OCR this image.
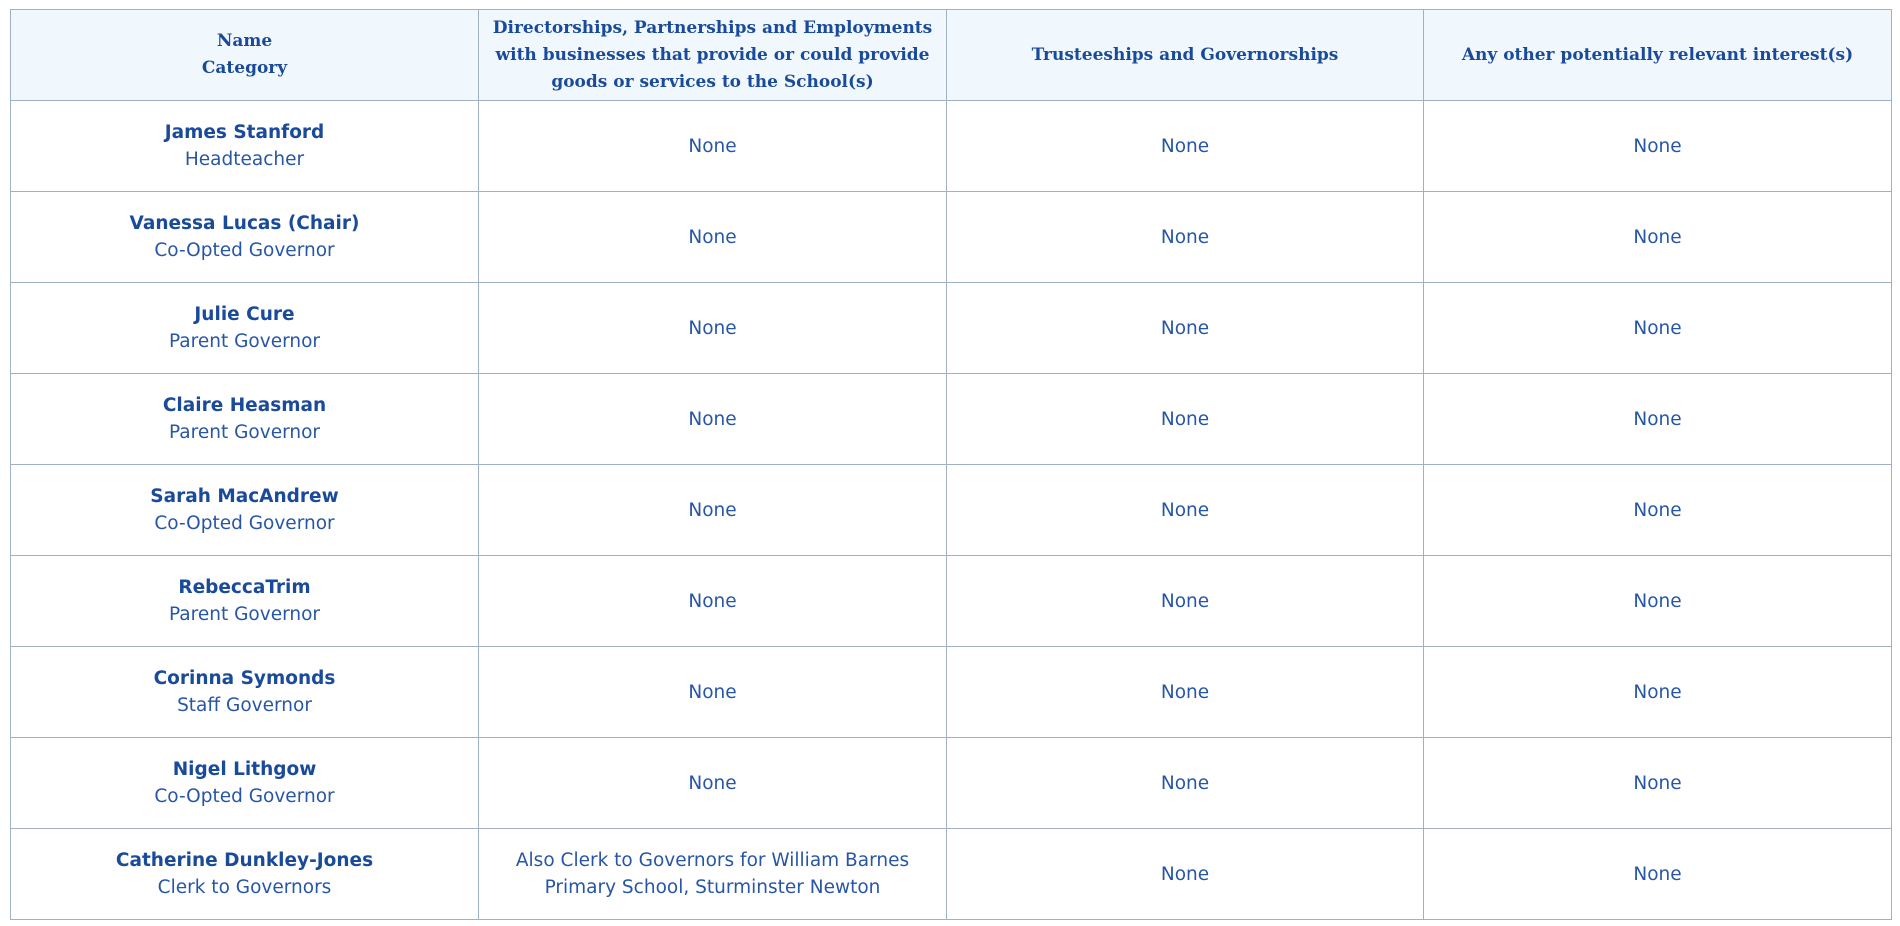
Name
Category	Directorships, Partnerships and Employments with businesses that provide or could provide goods or services to the School(s)	Trusteeships and Governorships	Any other potentially relevant interest(s)

James Stanford
Headteacher	None	None	None

Vanessa Lucas (Chair)
Co-Opted Governor	None	None	None

Julie Cure
Parent Governor	None	None	None

Claire Heasman
Parent Governor	None	None	None

Sarah MacAndrew
Co-Opted Governor	None	None	None

RebeccaTrim
Parent Governor	None	None	None

Corinna Symonds
Staff Governor	None	None	None

Nigel Lithgow
Co-Opted Governor	None	None	None

Catherine Dunkley-Jones
Clerk to Governors	Also Clerk to Governors for William Barnes Primary School, Sturminster Newton	None	None
